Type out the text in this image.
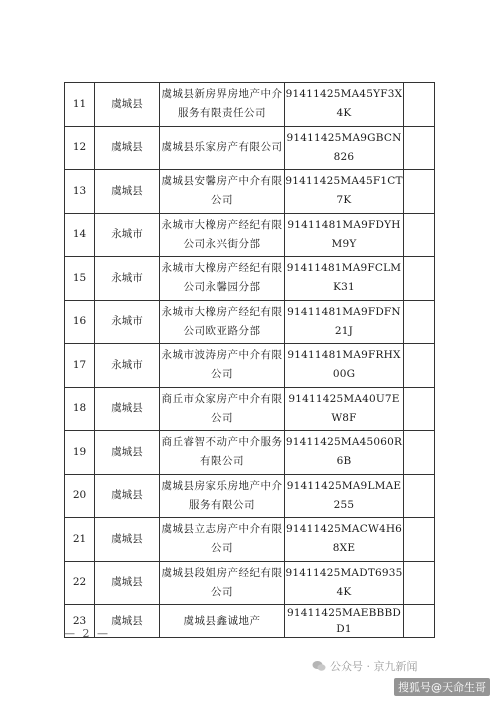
11	虞城县	虞城县新房界房地产中介服务有限责任公司	91411425MA45YF3X4K	
12	虞城县	虞城县乐家房产有限公司	91411425MA9GBCN826	
13	虞城县	虞城县安馨房产中介有限公司	91411425MA45F1CT7K	
14	永城市	永城市大橡房产经纪有限公司永兴街分部	91411481MA9FDYHM9Y	
15	永城市	永城市大橡房产经纪有限公司永馨园分部	91411481MA9FCLMK31	
16	永城市	永城市大橡房产经纪有限公司欧亚路分部	91411481MA9FDFN21J	
17	永城市	永城市波涛房产中介有限公司	91411481MA9FRHX00G	
18	虞城县	商丘市众家房产中介有限公司	91411425MA40U7EW8F	
19	虞城县	商丘睿智不动产中介服务有限公司	91411425MA45060R6B	
20	虞城县	虞城县房家乐房地产中介服务有限公司	91411425MA9LMAE255	
21	虞城县	虞城县立志房产中介有限公司	91411425MACW4H68XE	
22	虞城县	虞城县段姐房产经纪有限公司	91411425MADT69354K	
23	虞城县	虞城县鑫诚地产	91411425MAEBBBDD1	
— 2 —
公众号 · 京九新闻
搜狐号@天命生哥
